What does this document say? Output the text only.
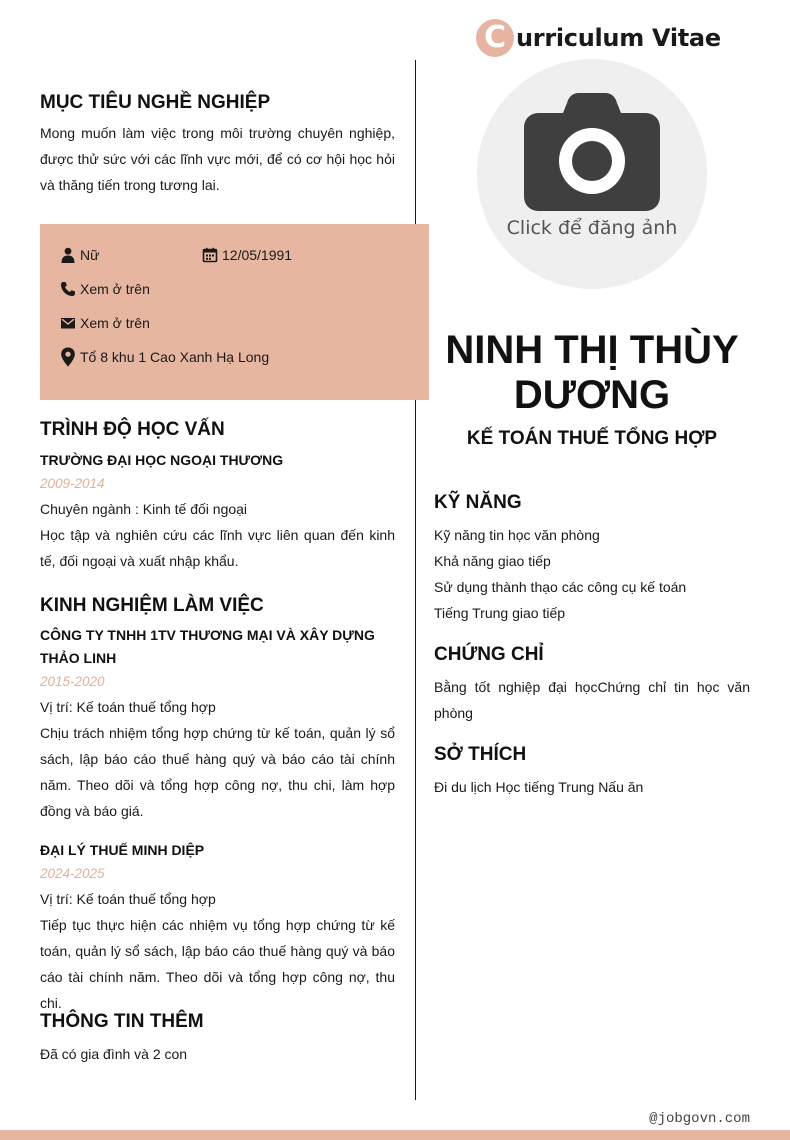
C urriculum Vitae
MỤC TIÊU NGHỀ NGHIỆP
Mong muốn làm việc trong môi trường chuyên nghiệp, được thử sức với các lĩnh vực mới, để có cơ hội học hỏi và thăng tiến trong tương lai.
Nữ	12/05/1991
Xem ở trên
Xem ở trên
Tổ 8 khu 1 Cao Xanh Hạ Long
TRÌNH ĐỘ HỌC VẤN
TRƯỜNG ĐẠI HỌC NGOẠI THƯƠNG
2009-2014
Chuyên ngành : Kinh tế đối ngoại
Học tập và nghiên cứu các lĩnh vực liên quan đến kinh tế, đối ngoại và xuất nhập khẩu.
KINH NGHIỆM LÀM VIỆC
CÔNG TY TNHH 1TV THƯƠNG MẠI VÀ XÂY DỰNG THẢO LINH
2015-2020
Vị trí: Kế toán thuế tổng hợp
Chịu trách nhiệm tổng hợp chứng từ kế toán, quản lý sổ sách, lập báo cáo thuế hàng quý và báo cáo tài chính năm. Theo dõi và tổng hợp công nợ, thu chi, làm hợp đồng và báo giá.
ĐẠI LÝ THUẾ MINH DIỆP
2024-2025
Vị trí: Kế toán thuế tổng hợp
Tiếp tục thực hiện các nhiệm vụ tổng hợp chứng từ kế toán, quản lý sổ sách, lập báo cáo thuế hàng quý và báo cáo tài chính năm. Theo dõi và tổng hợp công nợ, thu chi.
THÔNG TIN THÊM
Đã có gia đình và 2 con
Click để đăng ảnh
NINH THỊ THÙY
DƯƠNG
KẾ TOÁN THUẾ TỔNG HỢP
KỸ NĂNG
Kỹ năng tin học văn phòng
Khả năng giao tiếp
Sử dụng thành thạo các công cụ kế toán
Tiếng Trung giao tiếp
CHỨNG CHỈ
Bằng tốt nghiệp đại họcChứng chỉ tin học văn phòng
SỞ THÍCH
Đi du lịch Học tiếng Trung Nấu ăn
@jobgovn.com
